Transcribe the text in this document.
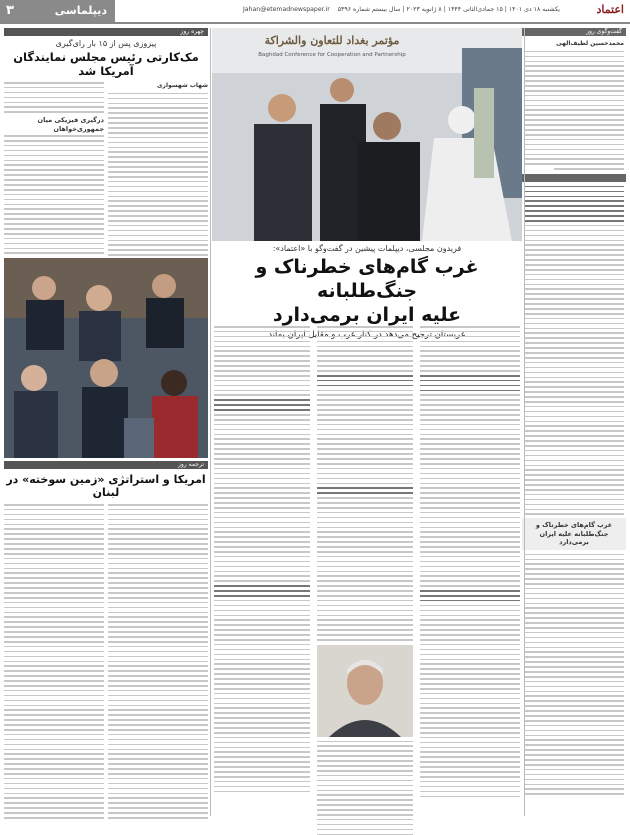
۳	دیپلماسی	یکشنبه ۱۸ دی ۱۴۰۱ | ۱۵ جمادی‌الثانی ۱۴۴۴ | ۸ ژانویه ۲۰۲۳ | سال بیستم شماره ۵۳۹۶    Jahan@etemadnewspaper.ir	اعتماد
گفت‌وگوی روز
محمدحسین لطیف‌الهی
غرب گام‌های خطرناک و جنگ‌طلبانه علیه ایران برمی‌دارد
مؤتمر بغداد للتعاون والشراكة
Baghdad Conference for Cooperation and Partnership
فریدون مجلسی، دیپلمات پیشین در گفت‌وگو با «اعتماد»:
غرب گام‌های خطرناک و جنگ‌طلبانه
علیه ایران برمی‌دارد
چهره روز
پیروزی پس از ۱۵ بار رای‌گیری
مک‌کارتی رئیس مجلس نمایندگان آمریکا شد
شهاب شهسواری
درگیری فیزیکی میان جمهوری‌خواهان
ترجمه روز
امریکا و استراتژی «زمین سوخته» در لبنان
